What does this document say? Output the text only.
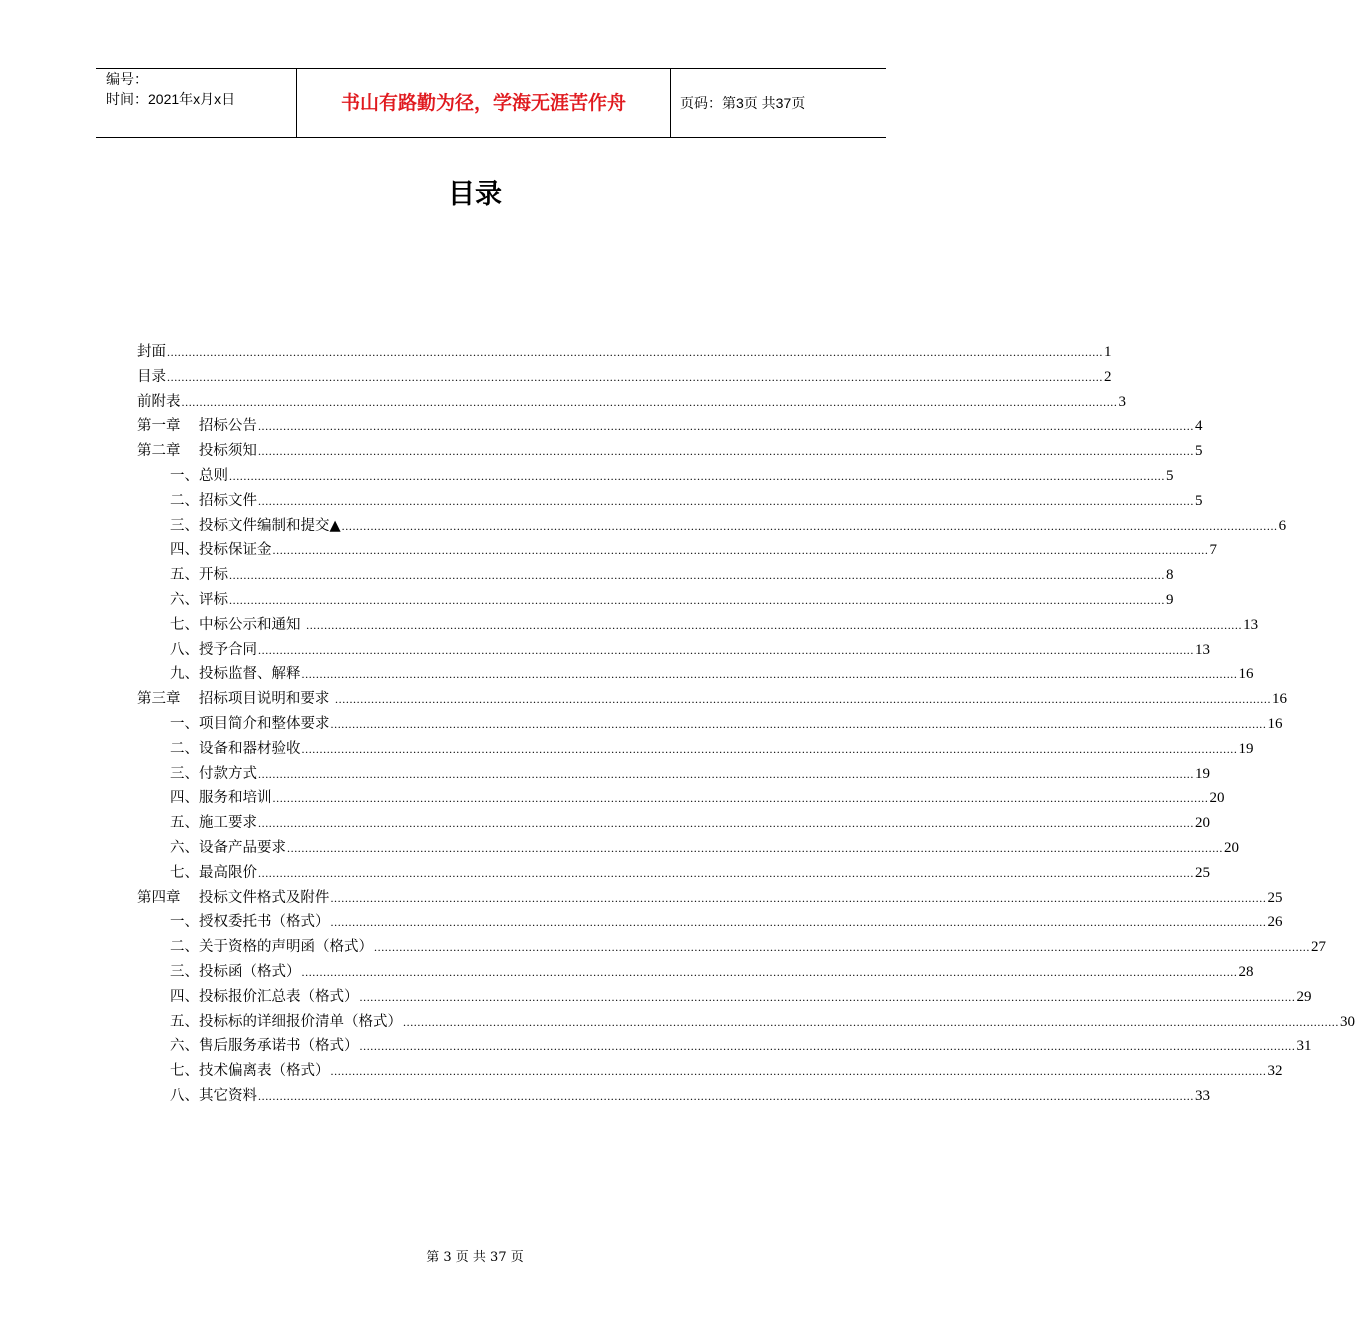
编号：
时间：2021年x月x日	书山有路勤为径，学海无涯苦作舟	页码：第3页 共37页
目录
封面 .................................................................................................................................................................................................................................................................... 1
目录 .................................................................................................................................................................................................................................................................... 2
前附表 .................................................................................................................................................................................................................................................................... 3
第一章    招标公告 .................................................................................................................................................................................................................................................................... 4
第二章    投标须知 .................................................................................................................................................................................................................................................................... 5
一、总则 .................................................................................................................................................................................................................................................................... 5
二、招标文件 .................................................................................................................................................................................................................................................................... 5
三、投标文件编制和提交▲ .................................................................................................................................................................................................................................................................... 6
四、投标保证金 .................................................................................................................................................................................................................................................................... 7
五、开标 .................................................................................................................................................................................................................................................................... 8
六、评标 .................................................................................................................................................................................................................................................................... 9
七、中标公示和通知 .................................................................................................................................................................................................................................................................... 13
八、授予合同 .................................................................................................................................................................................................................................................................... 13
九、投标监督、解释 .................................................................................................................................................................................................................................................................... 16
第三章    招标项目说明和要求 .................................................................................................................................................................................................................................................................... 16
一、项目简介和整体要求 .................................................................................................................................................................................................................................................................... 16
二、设备和器材验收 .................................................................................................................................................................................................................................................................... 19
三、付款方式 .................................................................................................................................................................................................................................................................... 19
四、服务和培训 .................................................................................................................................................................................................................................................................... 20
五、施工要求 .................................................................................................................................................................................................................................................................... 20
六、设备产品要求 .................................................................................................................................................................................................................................................................... 20
七、最高限价 .................................................................................................................................................................................................................................................................... 25
第四章    投标文件格式及附件 .................................................................................................................................................................................................................................................................... 25
一、授权委托书（格式） .................................................................................................................................................................................................................................................................... 26
二、关于资格的声明函（格式） .................................................................................................................................................................................................................................................................... 27
三、投标函（格式） .................................................................................................................................................................................................................................................................... 28
四、投标报价汇总表（格式） .................................................................................................................................................................................................................................................................... 29
五、投标标的详细报价清单（格式） .................................................................................................................................................................................................................................................................... 30
六、售后服务承诺书（格式） .................................................................................................................................................................................................................................................................... 31
七、技术偏离表（格式） .................................................................................................................................................................................................................................................................... 32
八、其它资料 .................................................................................................................................................................................................................................................................... 33
第 3 页 共 37 页
